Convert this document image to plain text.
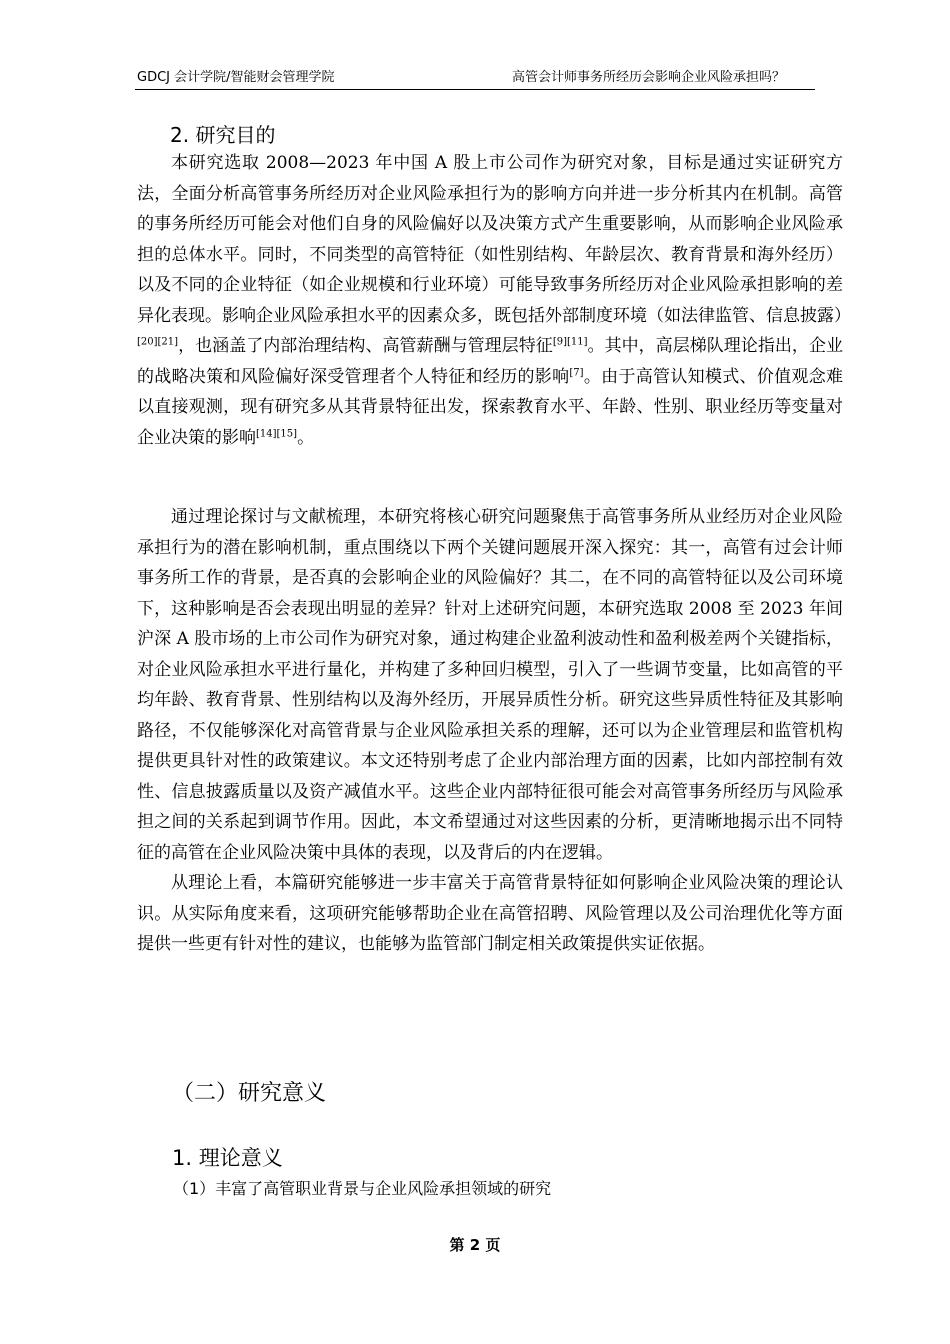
GDCJ 会计学院/智能财会管理学院	高管会计师事务所经历会影响企业风险承担吗？
2. 研究目的

本研究选取 2008—2023 年中国 A 股上市公司作为研究对象，目标是通过实证研究方法，全面分析高管事务所经历对企业风险承担行为的影响方向并进一步分析其内在机制。高管的事务所经历可能会对他们自身的风险偏好以及决策方式产生重要影响，从而影响企业风险承担的总体水平。同时，不同类型的高管特征（如性别结构、年龄层次、教育背景和海外经历）以及不同的企业特征（如企业规模和行业环境）可能导致事务所经历对企业风险承担影响的差异化表现。影响企业风险承担水平的因素众多，既包括外部制度环境（如法律监管、信息披露）[20][21]，也涵盖了内部治理结构、高管薪酬与管理层特征[9][11]。其中，高层梯队理论指出，企业的战略决策和风险偏好深受管理者个人特征和经历的影响[7]。由于高管认知模式、价值观念难以直接观测，现有研究多从其背景特征出发，探索教育水平、年龄、性别、职业经历等变量对企业决策的影响[14][15]。

通过理论探讨与文献梳理，本研究将核心研究问题聚焦于高管事务所从业经历对企业风险承担行为的潜在影响机制，重点围绕以下两个关键问题展开深入探究：其一，高管有过会计师事务所工作的背景，是否真的会影响企业的风险偏好？其二，在不同的高管特征以及公司环境下，这种影响是否会表现出明显的差异？针对上述研究问题，本研究选取 2008 至 2023 年间沪深 A 股市场的上市公司作为研究对象，通过构建企业盈利波动性和盈利极差两个关键指标，对企业风险承担水平进行量化，并构建了多种回归模型，引入了一些调节变量，比如高管的平均年龄、教育背景、性别结构以及海外经历，开展异质性分析。研究这些异质性特征及其影响路径，不仅能够深化对高管背景与企业风险承担关系的理解，还可以为企业管理层和监管机构提供更具针对性的政策建议。本文还特别考虑了企业内部治理方面的因素，比如内部控制有效性、信息披露质量以及资产减值水平。这些企业内部特征很可能会对高管事务所经历与风险承担之间的关系起到调节作用。因此，本文希望通过对这些因素的分析，更清晰地揭示出不同特征的高管在企业风险决策中具体的表现，以及背后的内在逻辑。

从理论上看，本篇研究能够进一步丰富关于高管背景特征如何影响企业风险决策的理论认识。从实际角度来看，这项研究能够帮助企业在高管招聘、风险管理以及公司治理优化等方面提供一些更有针对性的建议，也能够为监管部门制定相关政策提供实证依据。

（二）研究意义
1. 理论意义
（1）丰富了高管职业背景与企业风险承担领域的研究
第 2 页
